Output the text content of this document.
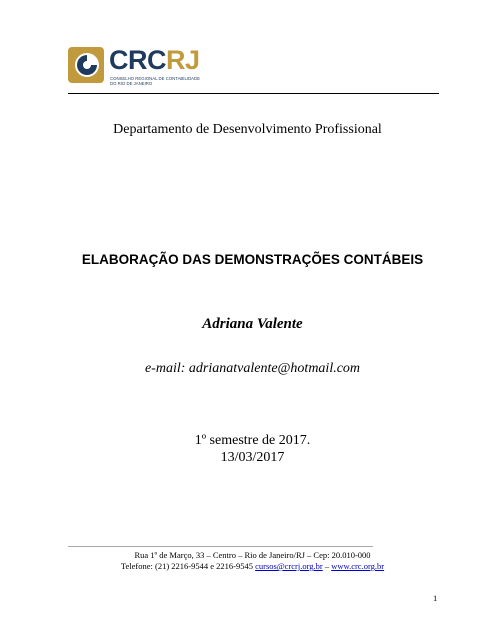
CRCRJ
CONSELHO REGIONAL DE CONTABILIDADE
DO RIO DE JANEIRO
Departamento de Desenvolvimento Profissional
ELABORAÇÃO DAS DEMONSTRAÇÕES CONTÁBEIS
Adriana Valente
e-mail: adrianatvalente@hotmail.com
1º semestre de 2017.
13/03/2017
Rua 1º de Março, 33 – Centro – Rio de Janeiro/RJ – Cep: 20.010-000
Telefone: (21) 2216-9544 e 2216-9545 cursos@crcrj.org.br – www.crc.org.br
1
